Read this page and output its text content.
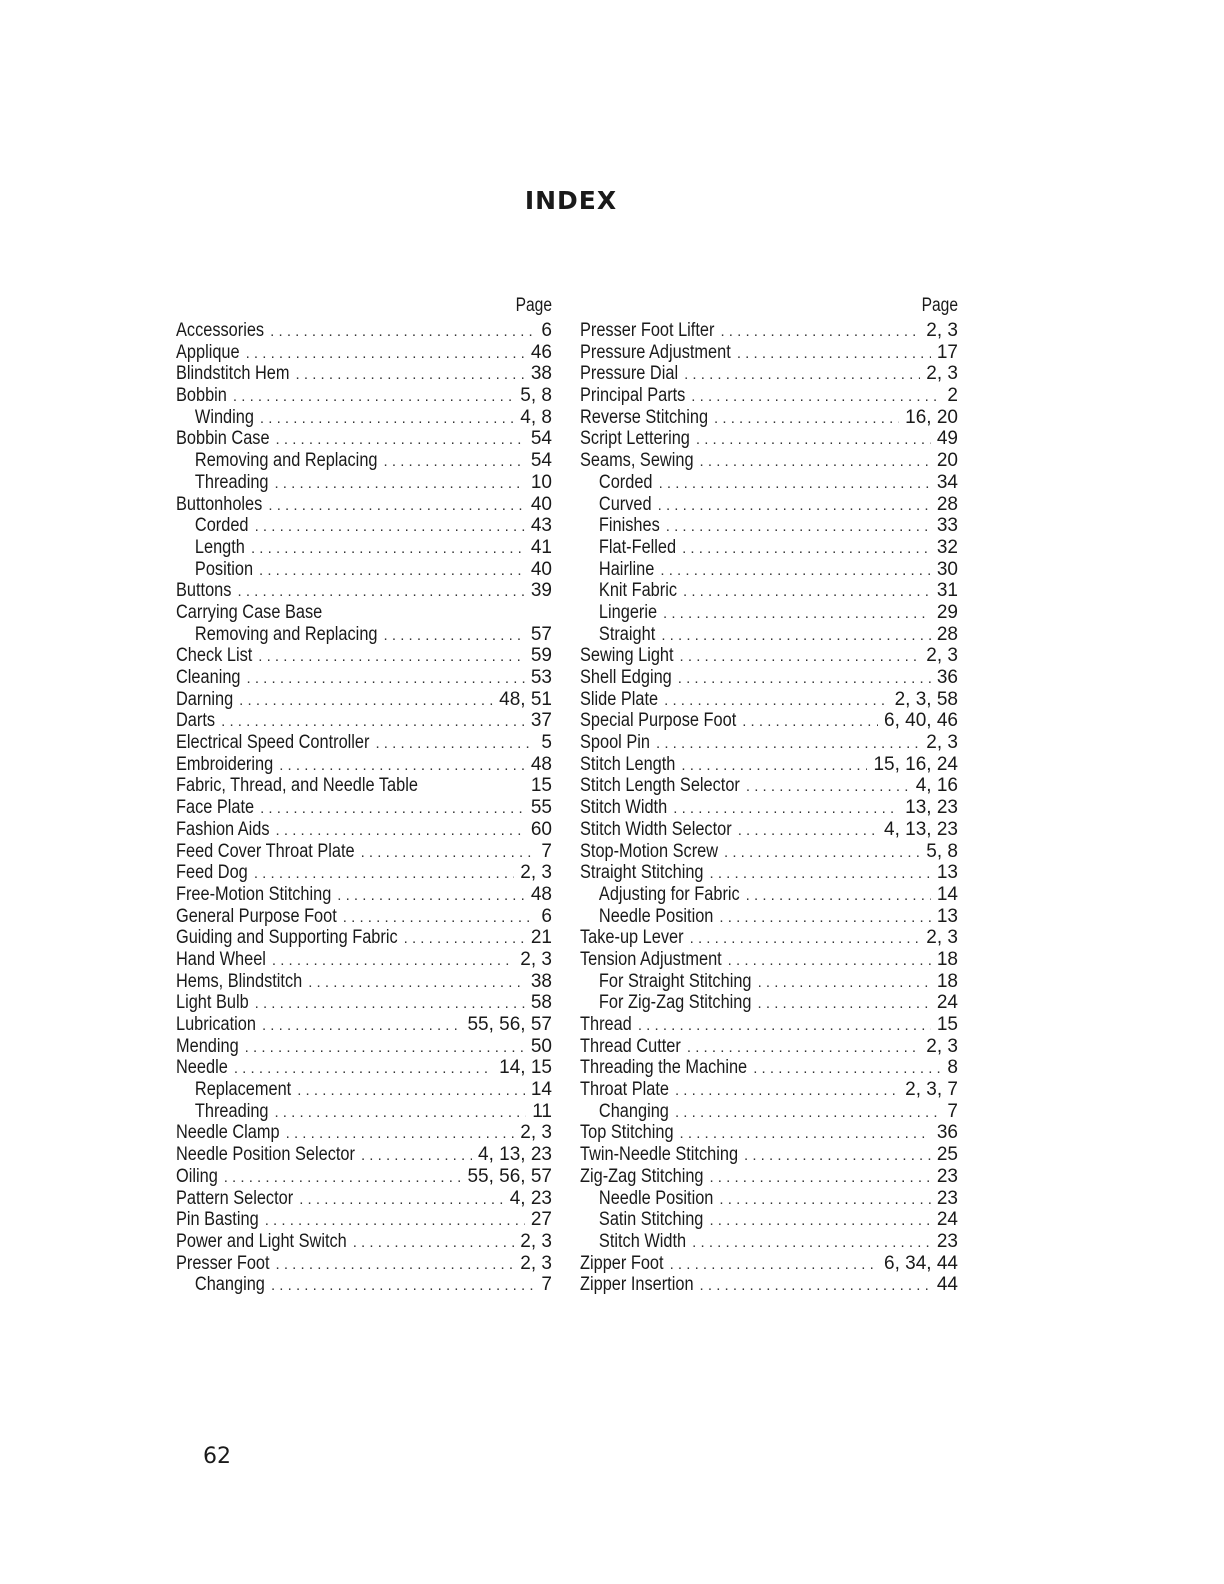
INDEX
Page
Accessories . . .	6
Applique . . .	46
Blindstitch Hem . . .	38
Bobbin . . .	5, 8
Winding . . .	4, 8
Bobbin Case . . .	54
Removing and Replacing . . .	54
Threading . . .	10
Buttonholes . . .	40
Corded . . .	43
Length . . .	41
Position . . .	40
Buttons . . .	39
Carrying Case Base
Removing and Replacing . . .	57
Check List . . .	59
Cleaning . . .	53
Darning . . .	48, 51
Darts . . .	37
Electrical Speed Controller . . .	5
Embroidering . . .	48
Fabric, Thread, and Needle Table	15
Face Plate . . .	55
Fashion Aids . . .	60
Feed Cover Throat Plate . . .	7
Feed Dog . . .	2, 3
Free-Motion Stitching . . .	48
General Purpose Foot . . .	6
Guiding and Supporting Fabric . . .	21
Hand Wheel . . .	2, 3
Hems, Blindstitch . . .	38
Light Bulb . . .	58
Lubrication . . .	55, 56, 57
Mending . . .	50
Needle . . .	14, 15
Replacement . . .	14
Threading . . .	11
Needle Clamp . . .	2, 3
Needle Position Selector . . .	4, 13, 23
Oiling . . .	55, 56, 57
Pattern Selector . . .	4, 23
Pin Basting . . .	27
Power and Light Switch . . .	2, 3
Presser Foot . . .	2, 3
Changing . . .	7
Page
Presser Foot Lifter . . .	2, 3
Pressure Adjustment . . .	17
Pressure Dial . . .	2, 3
Principal Parts . . .	2
Reverse Stitching . . .	16, 20
Script Lettering . . .	49
Seams, Sewing . . .	20
Corded . . .	34
Curved . . .	28
Finishes . . .	33
Flat-Felled . . .	32
Hairline . . .	30
Knit Fabric . . .	31
Lingerie . . .	29
Straight . . .	28
Sewing Light . . .	2, 3
Shell Edging . . .	36
Slide Plate . . .	2, 3, 58
Special Purpose Foot . . .	6, 40, 46
Spool Pin . . .	2, 3
Stitch Length . . .	15, 16, 24
Stitch Length Selector . . .	4, 16
Stitch Width . . .	13, 23
Stitch Width Selector . . .	4, 13, 23
Stop-Motion Screw . . .	5, 8
Straight Stitching . . .	13
Adjusting for Fabric . . .	14
Needle Position . . .	13
Take-up Lever . . .	2, 3
Tension Adjustment . . .	18
For Straight Stitching . . .	18
For Zig-Zag Stitching . . .	24
Thread . . .	15
Thread Cutter . . .	2, 3
Threading the Machine . . .	8
Throat Plate . . .	2, 3, 7
Changing . . .	7
Top Stitching . . .	36
Twin-Needle Stitching . . .	25
Zig-Zag Stitching . . .	23
Needle Position . . .	23
Satin Stitching . . .	24
Stitch Width . . .	23
Zipper Foot . . .	6, 34, 44
Zipper Insertion . . .	44
62
